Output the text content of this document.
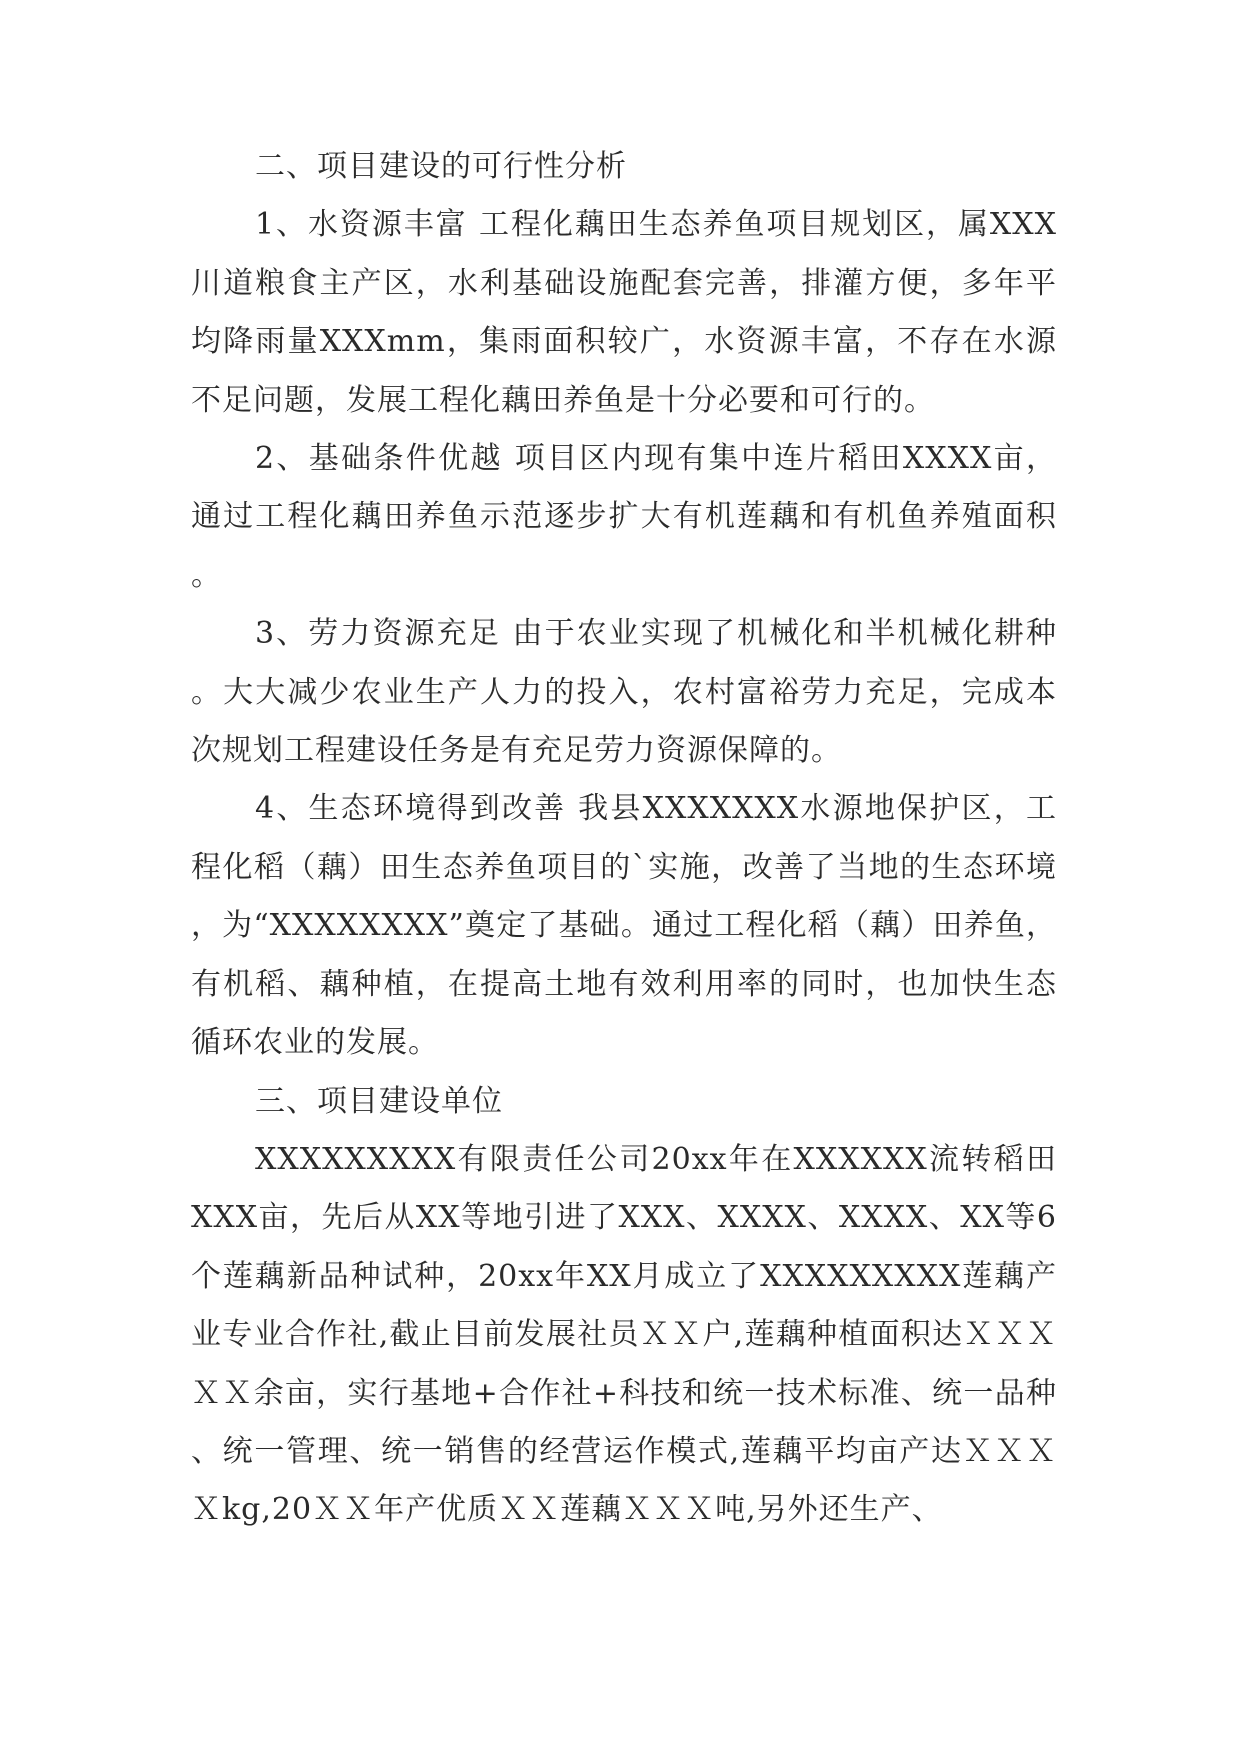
二、项目建设的可行性分析

1、水资源丰富 工程化藕田生态养鱼项目规划区，属XXX川道粮食主产区，水利基础设施配套完善，排灌方便，多年平均降雨量XXXmm，集雨面积较广，水资源丰富，不存在水源不足问题，发展工程化藕田养鱼是十分必要和可行的。

2、基础条件优越 项目区内现有集中连片稻田XXXX亩，通过工程化藕田养鱼示范逐步扩大有机莲藕和有机鱼养殖面积。

3、劳力资源充足 由于农业实现了机械化和半机械化耕种。大大减少农业生产人力的投入，农村富裕劳力充足，完成本次规划工程建设任务是有充足劳力资源保障的。

4、生态环境得到改善 我县XXXXXXX水源地保护区，工程化稻（藕）田生态养鱼项目的`实施，改善了当地的生态环境，为“XXXXXXXX”奠定了基础。通过工程化稻（藕）田养鱼，有机稻、藕种植，在提高土地有效利用率的同时，也加快生态循环农业的发展。

三、项目建设单位

XXXXXXXXX有限责任公司20xx年在XXXXXX流转稻田XXX亩，先后从XX等地引进了XXX、XXXX、XXXX、XX等6个莲藕新品种试种，20xx年XX月成立了XXXXXXXXX莲藕产业专业合作社,截止目前发展社员ＸＸ户,莲藕种植面积达ＸＸＸＸＸ余亩，实行基地+合作社+科技和统一技术标准、统一品种、统一管理、统一销售的经营运作模式,莲藕平均亩产达ＸＸＸＸkg,20ＸＸ年产优质ＸＸ莲藕ＸＸＸ吨,另外还生产、
